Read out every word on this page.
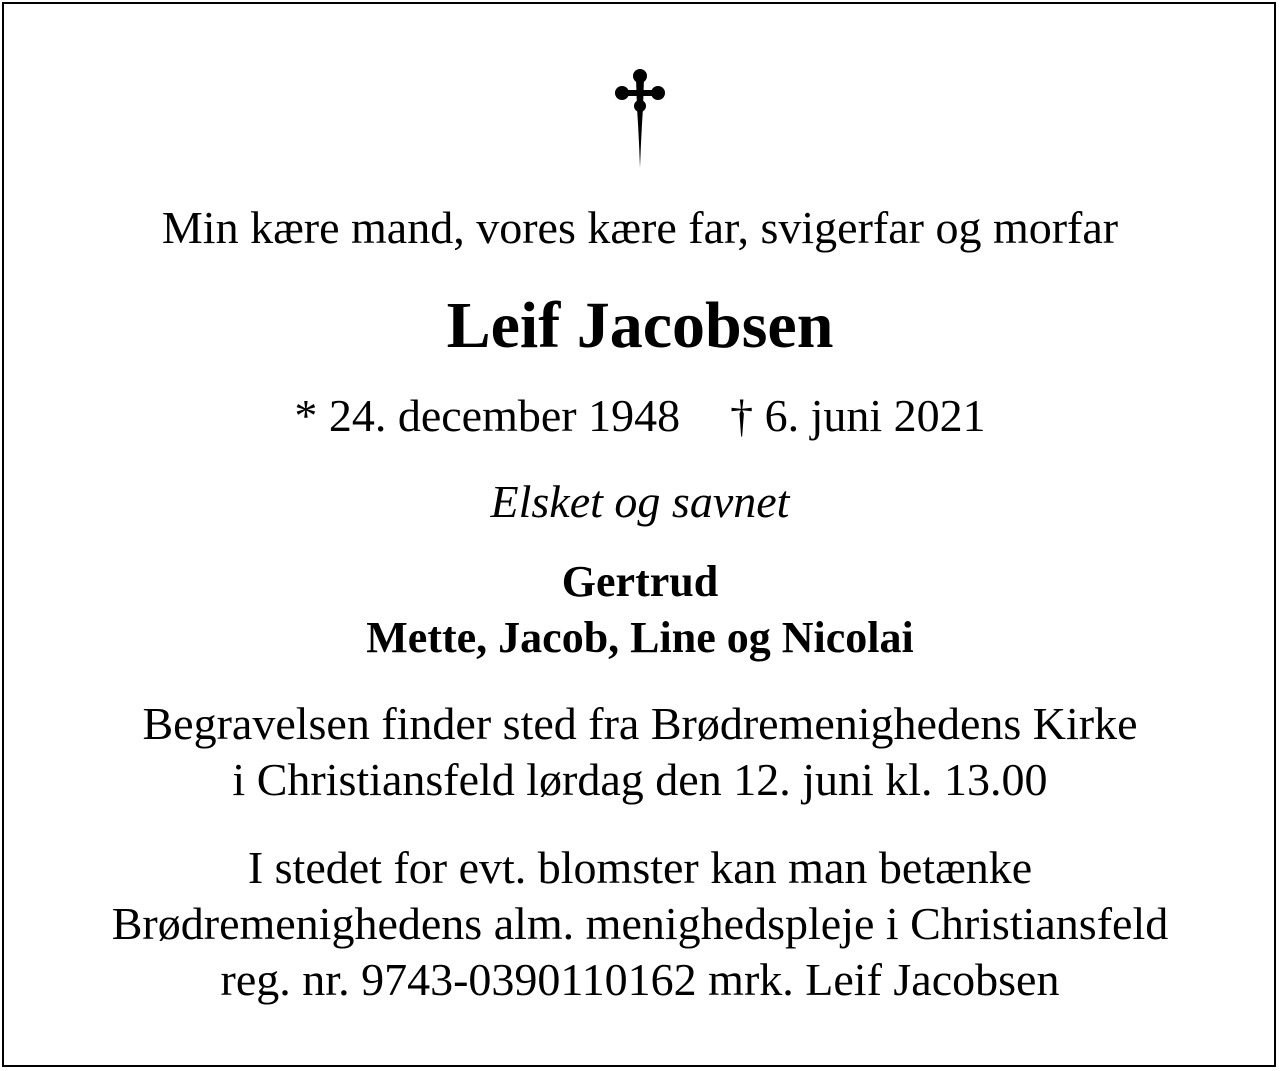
Min kære mand, vores kære far, svigerfar og morfar
Leif Jacobsen
* 24. december 1948 † 6. juni 2021
Elsket og savnet
Gertrud
Mette, Jacob, Line og Nicolai
Begravelsen finder sted fra Brødremenighedens Kirke
i Christiansfeld lørdag den 12. juni kl. 13.00
I stedet for evt. blomster kan man betænke
Brødremenighedens alm. menighedspleje i Christiansfeld
reg. nr. 9743-0390110162 mrk. Leif Jacobsen
